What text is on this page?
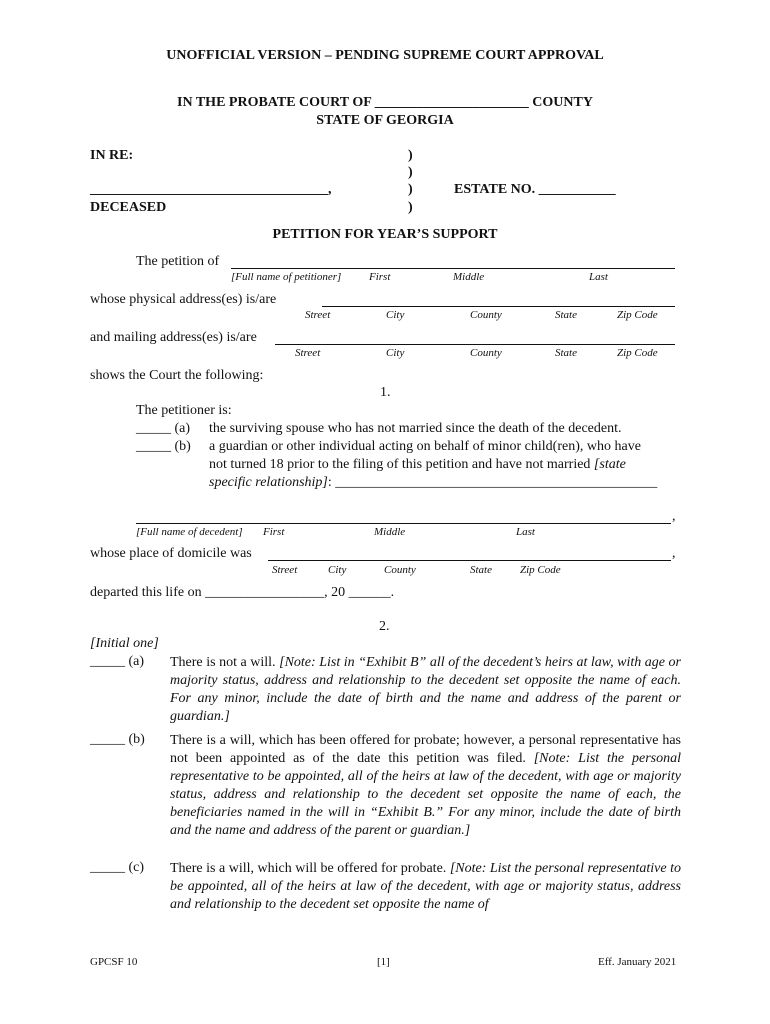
UNOFFICIAL VERSION – PENDING SUPREME COURT APPROVAL
IN THE PROBATE COURT OF ______________________ COUNTY
STATE OF GEORGIA
IN RE:
__________________________________,
DECEASED
)
)
)
)
ESTATE NO. ___________
PETITION FOR YEAR’S SUPPORT
The petition of
[Full name of petitioner]	First	Middle	Last
whose physical address(es) is/are
Street	City	County	State	Zip Code
and mailing address(es) is/are
Street	City	County	State	Zip Code
shows the Court the following:
1.
The petitioner is:
_____ (a) the surviving spouse who has not married since the death of the decedent.
_____ (b) a guardian or other individual acting on behalf of minor child(ren), who have
not turned 18 prior to the filing of this petition and have not married [state
specific relationship]: ______________________________________________
,
[Full name of decedent] First	Middle	Last
whose place of domicile was	,
Street	City	County	State	Zip Code
departed this life on _________________, 20 ______.
2.
[Initial one]
_____ (a) There is not a will. [Note: List in “Exhibit B” all of the decedent’s heirs at law, with age or majority status, address and relationship to the decedent set opposite the name of each. For any minor, include the date of birth and the name and address of the parent or guardian.]
_____ (b) There is a will, which has been offered for probate; however, a personal representative has not been appointed as of the date this petition was filed. [Note: List the personal representative to be appointed, all of the heirs at law of the decedent, with age or majority status, address and relationship to the decedent set opposite the name of each, the beneficiaries named in the will in “Exhibit B.” For any minor, include the date of birth and the name and address of the parent or guardian.]
_____ (c) There is a will, which will be offered for probate. [Note: List the personal representative to be appointed, all of the heirs at law of the decedent, with age or majority status, address and relationship to the decedent set opposite the name of
GPCSF 10	[1]	Eff. January 2021
